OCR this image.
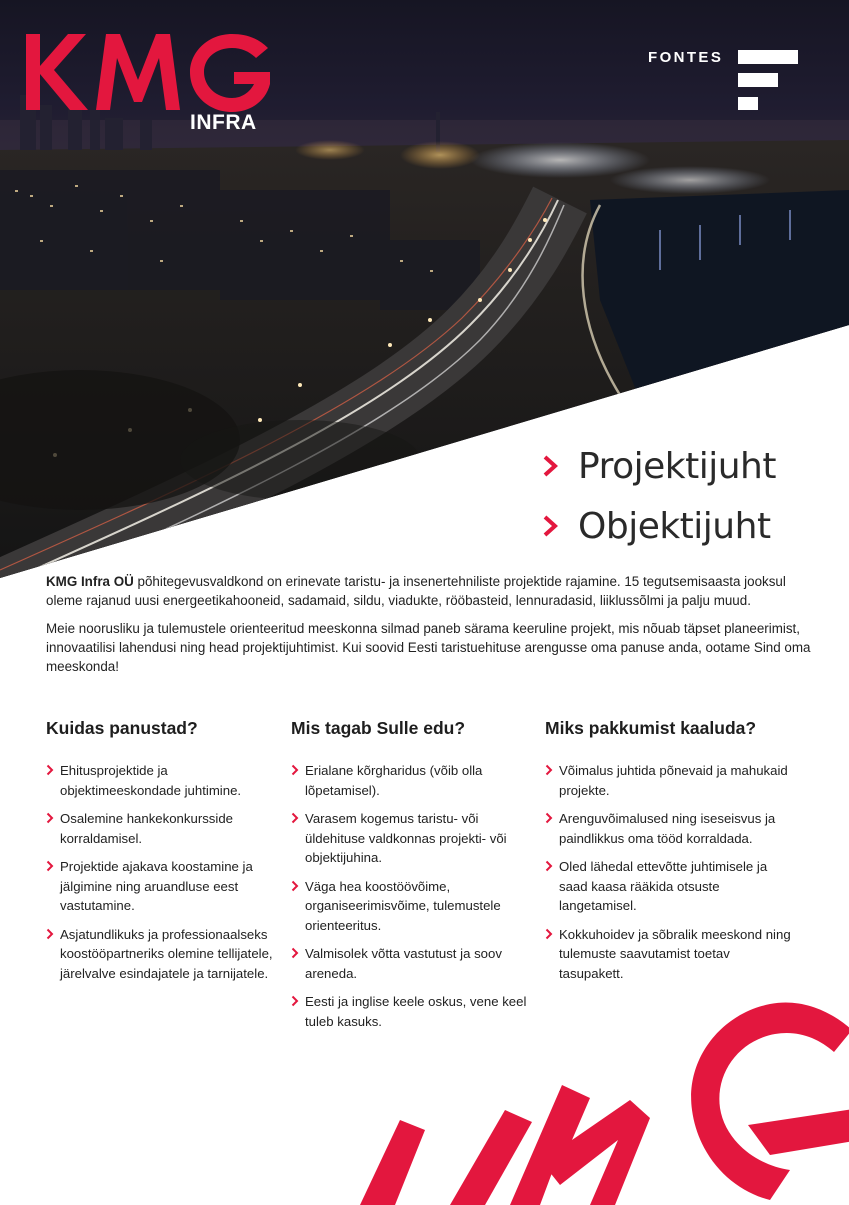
INFRA
FONTES
Projektijuht
Objektijuht

KMG Infra OÜ põhitegevusvaldkond on erinevate taristu- ja insenertehniliste projektide rajamine. 15 tegutsemisaasta jooksul oleme rajanud uusi energeetikahooneid, sadamaid, sildu, viadukte, rööbasteid, lennuradasid, liiklussõlmi ja palju muud.

Meie noorusliku ja tulemustele orienteeritud meeskonna silmad paneb särama keeruline projekt, mis nõuab täpset planeerimist, innovaatilisi lahendusi ning head projektijuhtimist. Kui soovid Eesti taristuehituse arengusse oma panuse anda, ootame Sind oma meeskonda!

Kuidas panustad?
Ehitusprojektide ja objektimeeskondade juhtimine.
Osalemine hankekonkursside korraldamisel.
Projektide ajakava koostamine ja jälgimine ning aruandluse eest vastutamine.
Asjatundlikuks ja professionaalseks koostööpartneriks olemine tellijatele, järelvalve esindajatele ja tarnijatele.
Mis tagab Sulle edu?
Erialane kõrgharidus (võib olla lõpetamisel).
Varasem kogemus taristu- või üldehituse valdkonnas projekti- või objektijuhina.
Väga hea koostöövõime, organiseerimisvõime, tulemustele orienteeritus.
Valmisolek võtta vastutust ja soov areneda.
Eesti ja inglise keele oskus, vene keel tuleb kasuks.
Miks pakkumist kaaluda?
Võimalus juhtida põnevaid ja mahukaid projekte.
Arenguvõimalused ning iseseisvus ja paindlikkus oma tööd korraldada.
Oled lähedal ettevõtte juhtimisele ja saad kaasa rääkida otsuste langetamisel.
Kokkuhoidev ja sõbralik meeskond ning tulemuste saavutamist toetav tasupakett.
